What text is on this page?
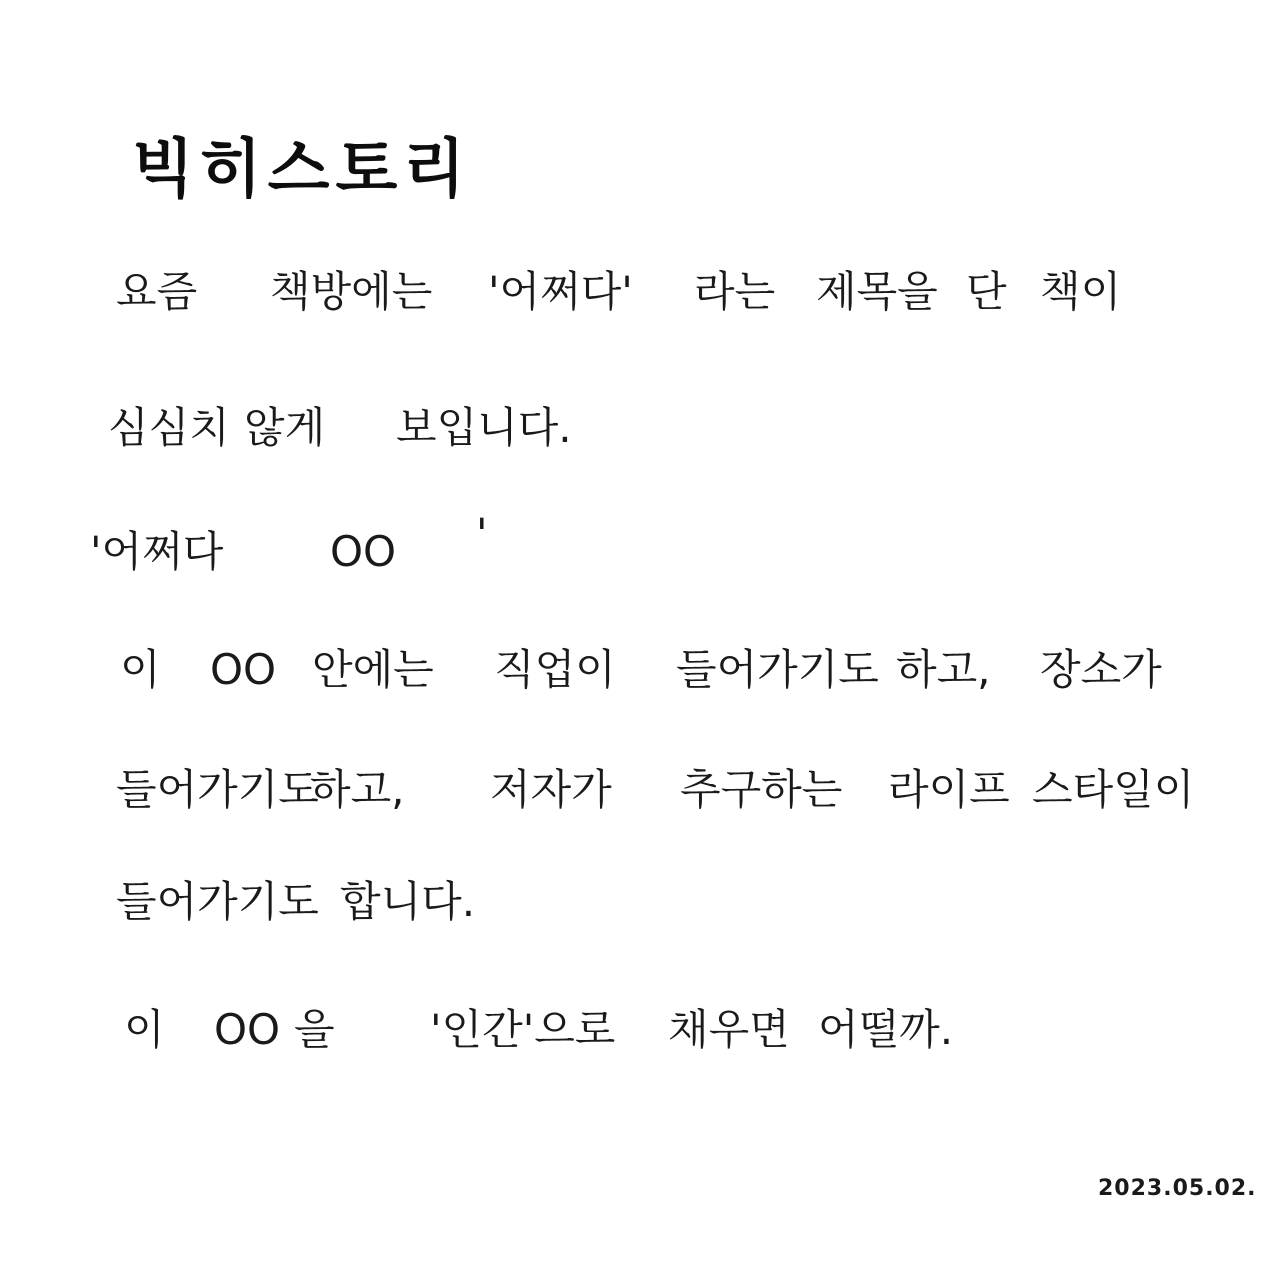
빅히스토리
요즘 책방에는 '어쩌다' 라는 제목을 단 책이
심심치 않게 보입니다.
'어쩌다	OO '
이 OO 안에는 직업이 들어가기도 하고, 장소가
들어가기도
하고, 저자가 추구하는 라이프 스타일이
들어가기도 합니다.
이 OO 을 '인간'으로 채우면 어떨까.
2023.05.02.
